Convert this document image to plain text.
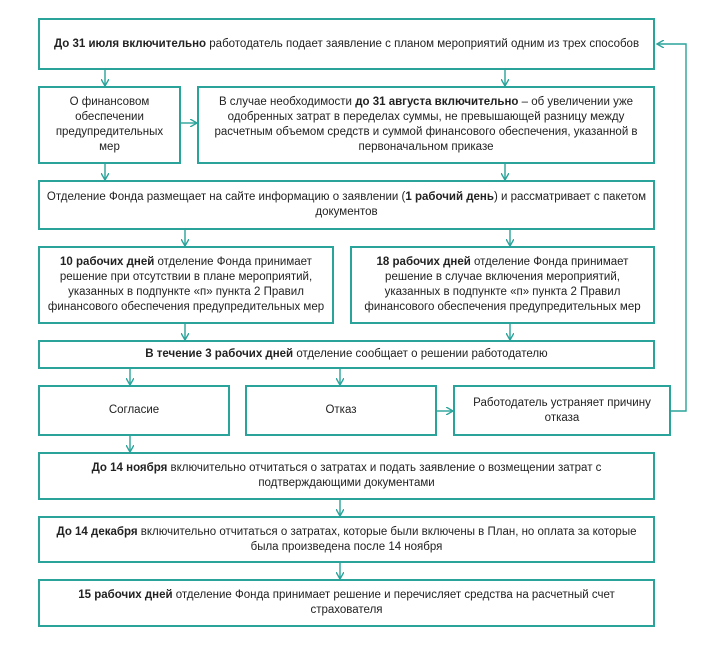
До 31 июля включительно работодатель подает заявление с планом мероприятий одним из трех способов
О финансовом обеспечении предупредительных мер
В случае необходимости до 31 августа включительно – об увеличении уже одобренных затрат в переделах суммы, не превышающей разницу между расчетным объемом средств и суммой финансового обеспечения, указанной в первоначальном приказе
Отделение Фонда размещает на сайте информацию о заявлении (1 рабочий день) и рассматривает с пакетом документов
10 рабочих дней отделение Фонда принимает решение при отсутствии в плане мероприятий, указанных в подпункте «п» пункта 2 Правил финансового обеспечения предупредительных мер
18 рабочих дней отделение Фонда принимает решение в случае включения мероприятий, указанных в подпункте «п» пункта 2 Правил финансового обеспечения предупредительных мер
В течение 3 рабочих дней отделение сообщает о решении работодателю
Согласие	Отказ
Работодатель устраняет причину отказа
До 14 ноября включительно отчитаться о затратах и подать заявление о возмещении затрат с подтверждающими документами
До 14 декабря включительно отчитаться о затратах, которые были включены в План, но оплата за которые была произведена после 14 ноября
15 рабочих дней отделение Фонда принимает решение и перечисляет средства на расчетный счет страхователя
